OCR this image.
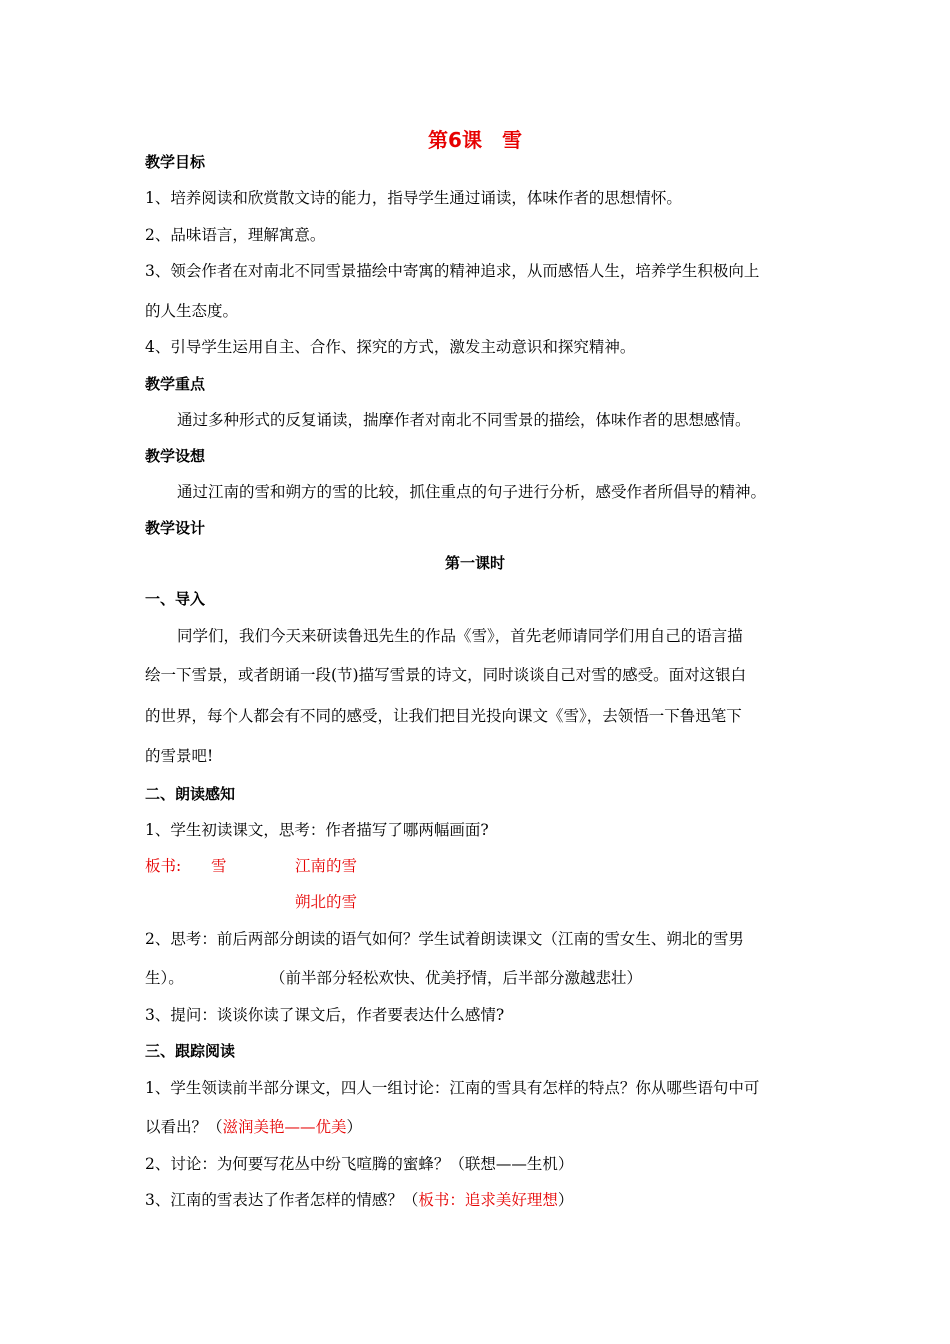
第6课　雪
教学目标
1、培养阅读和欣赏散文诗的能力，指导学生通过诵读，体味作者的思想情怀。
2、品味语言，理解寓意。
3、领会作者在对南北不同雪景描绘中寄寓的精神追求，从而感悟人生，培养学生积极向上
的人生态度。
4、引导学生运用自主、合作、探究的方式，激发主动意识和探究精神。
教学重点
通过多种形式的反复诵读，揣摩作者对南北不同雪景的描绘，体味作者的思想感情。
教学设想
通过江南的雪和朔方的雪的比较，抓住重点的句子进行分析，感受作者所倡导的精神。
教学设计
第一课时
一、导入
同学们，我们今天来研读鲁迅先生的作品《雪》，首先老师请同学们用自己的语言描
绘一下雪景，或者朗诵一段(节)描写雪景的诗文，同时谈谈自己对雪的感受。面对这银白
的世界，每个人都会有不同的感受，让我们把目光投向课文《雪》，去领悟一下鲁迅笔下
的雪景吧!
二、朗读感知
1、学生初读课文，思考：作者描写了哪两幅画面?
板书: 雪	江南的雪
朔北的雪
2、思考：前后两部分朗读的语气如何？学生试着朗读课文（江南的雪女生、朔北的雪男
生）。	（前半部分轻松欢快、优美抒情，后半部分激越悲壮）
3、提问：谈谈你读了课文后，作者要表达什么感情?
三、跟踪阅读
1、学生领读前半部分课文，四人一组讨论：江南的雪具有怎样的特点？你从哪些语句中可
以看出？（滋润美艳——优美）
2、讨论：为何要写花丛中纷飞喧腾的蜜蜂？（联想——生机）
3、江南的雪表达了作者怎样的情感？（板书：追求美好理想）
